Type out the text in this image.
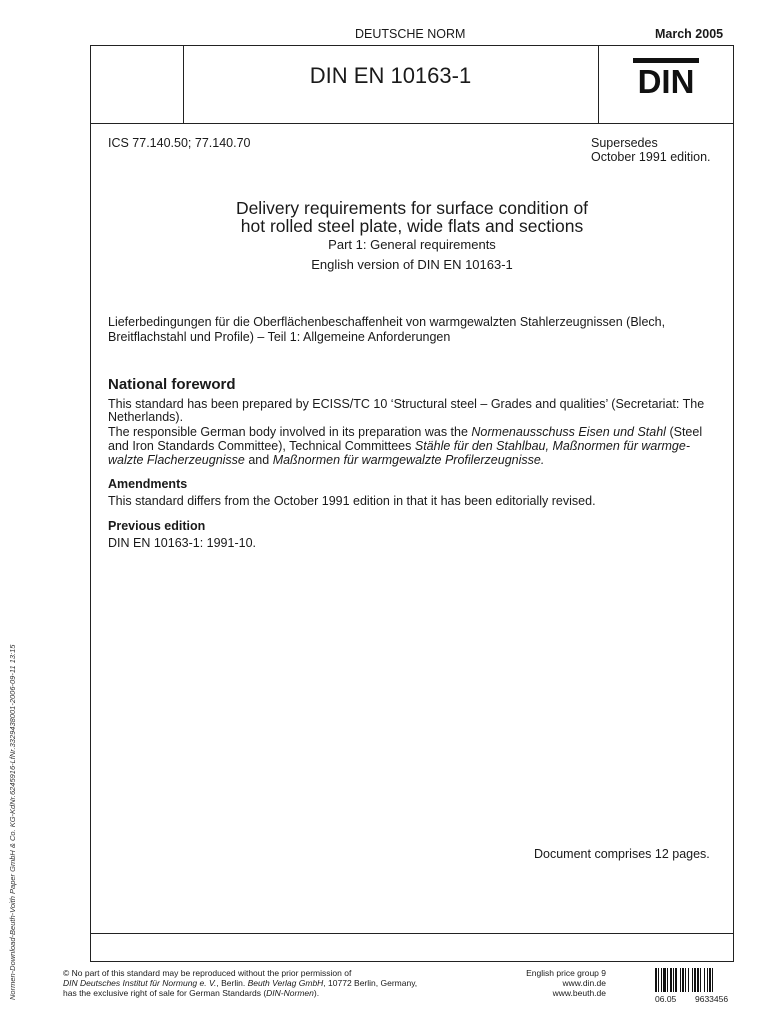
DEUTSCHE NORM	March 2005
DIN EN 10163-1	DIN
ICS 77.140.50; 77.140.70	Supersedes
October 1991 edition.
Delivery requirements for surface condition of
hot rolled steel plate, wide flats and sections
Part 1: General requirements
English version of DIN EN 10163-1
Lieferbedingungen für die Oberflächenbeschaffenheit von warmgewalzten Stahlerzeugnissen (Blech,
Breitflachstahl und Profile) – Teil 1: Allgemeine Anforderungen
National foreword
This standard has been prepared by ECISS/TC 10 ‘Structural steel – Grades and qualities’ (Secretariat: The
Netherlands).
The responsible German body involved in its preparation was the Normenausschuss Eisen und Stahl (Steel
and Iron Standards Committee), Technical Committees Stähle für den Stahlbau, Maßnormen für warmge-
walzte Flacherzeugnisse and Maßnormen für warmgewalzte Profilerzeugnisse.
Amendments
This standard differs from the October 1991 edition in that it has been editorially revised.
Previous edition
DIN EN 10163-1: 1991-10.
Document comprises 12 pages.
© No part of this standard may be reproduced without the prior permission of
DIN Deutsches Institut für Normung e. V., Berlin. Beuth Verlag GmbH, 10772 Berlin, Germany,
has the exclusive right of sale for German Standards (DIN-Normen).
English price group 9
www.din.de
www.beuth.de
06.05 9633456
Normen-Download-Beuth-Voith Paper GmbH & Co. KG-KdNr.6245916-LfNr.3329438001-2006-09-11 13:15
